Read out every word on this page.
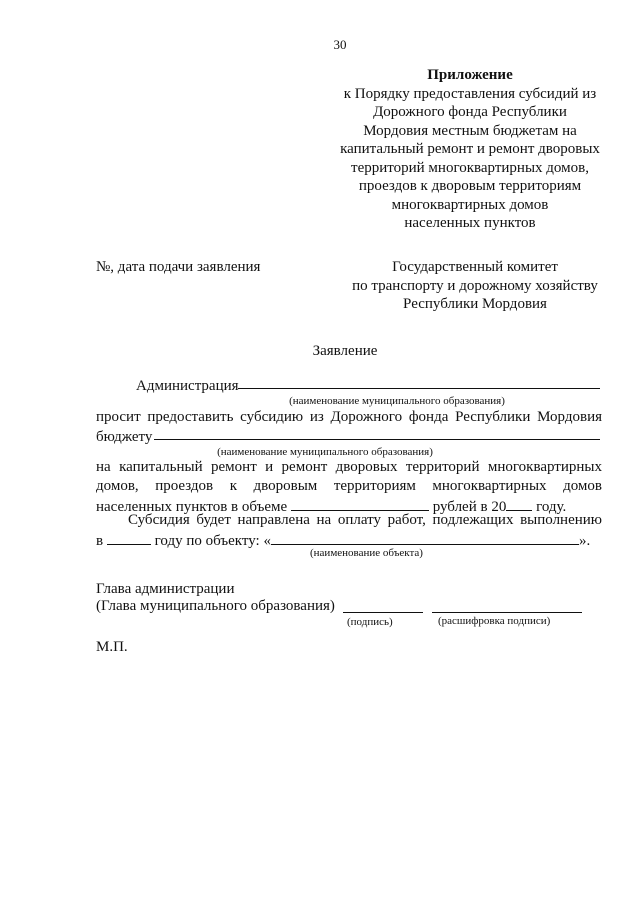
30
Приложение
к Порядку предоставления субсидий из
Дорожного фонда Республики
Мордовия местным бюджетам на
капитальный ремонт и ремонт дворовых
территорий многоквартирных домов,
проездов к дворовым территориям
многоквартирных домов
населенных пунктов
№, дата подачи заявления	Государственный комитет
по транспорту и дорожному хозяйству
Республики Мордовия
Заявление
Администрация
(наименование муниципального образования)
просит предоставить субсидию из Дорожного фонда Республики Мордовия
бюджету
(наименование муниципального образования)
на капитальный ремонт и ремонт дворовых территорий многоквартирных
домов, проездов к дворовым территориям многоквартирных домов
населенных пунктов в объеме	рублей в 20 году.
Субсидия будет направлена на оплату работ, подлежащих выполнению
в	году по объекту: «	».
(наименование объекта)
Глава администрации
(Глава муниципального образования)
(подпись)	(расшифровка подписи)
М.П.
